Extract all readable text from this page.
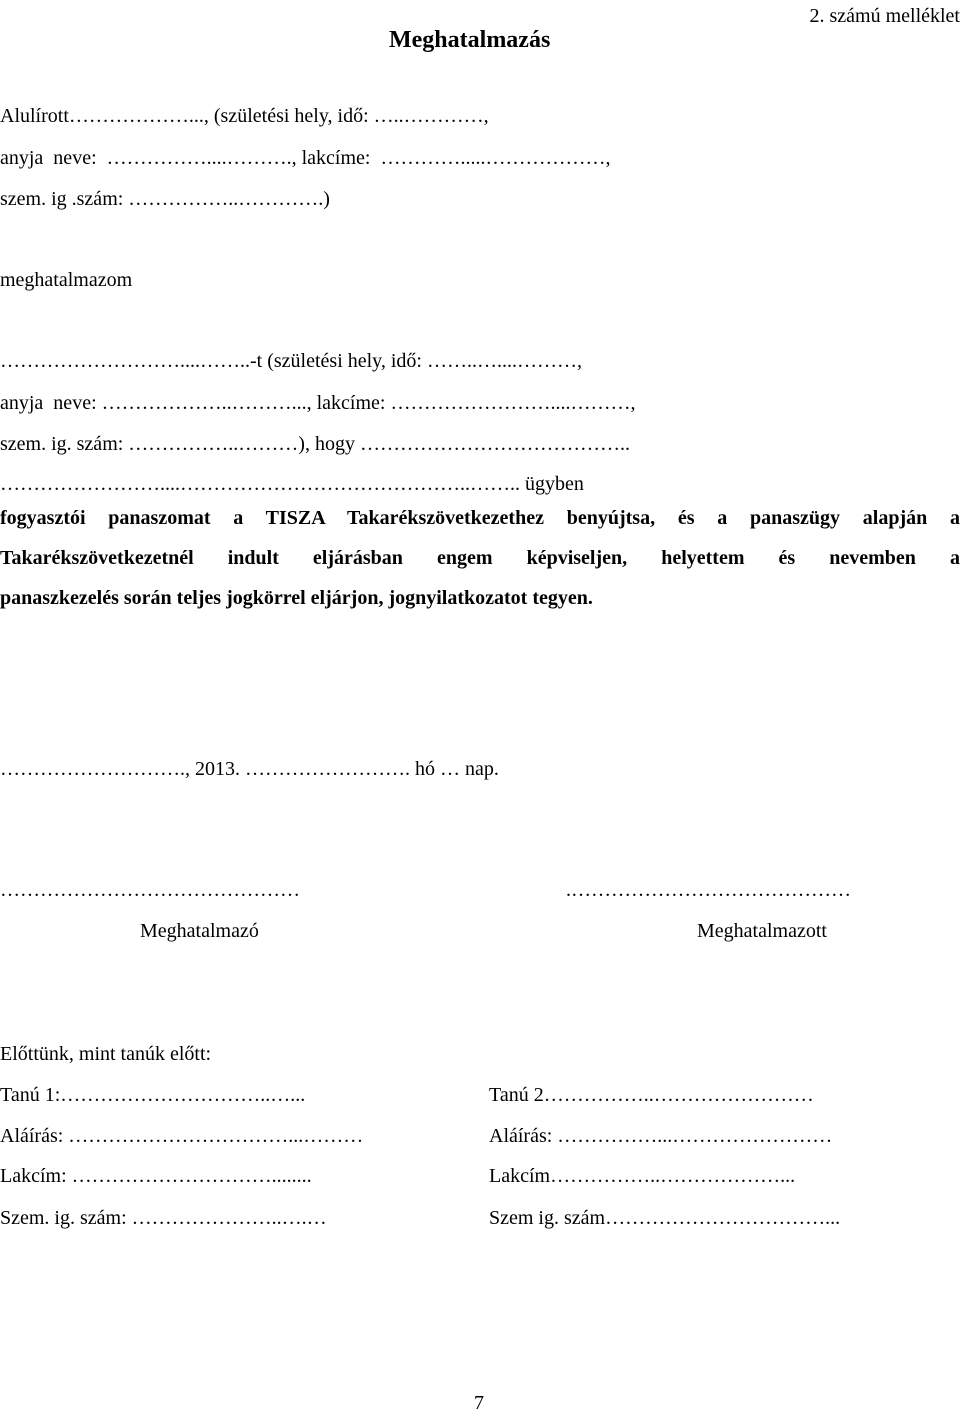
2. számú melléklet
Meghatalmazás
Alulírott………………..., (születési hely, idő: …..…………,
anyja  neve:  ……………....………., lakcíme:  ………….....………………,
szem. ig .szám: ……………..………….)
meghatalmazom
………………………....……..-t (születési hely, idő: ……..…....………,
anyja  neve: ………………..………..., lakcíme: ……………………....………,
szem. ig. szám: ……………..………), hogy …………………………………..
……………………....……………………………………..…….. ügyben
fogyasztói panaszomat a TISZA Takarékszövetkezethez benyújtsa, és a panaszügy alapján a
Takarékszövetkezetnél indult eljárásban engem képviseljen, helyettem és nevemben a
panaszkezelés során teljes jogkörrel eljárjon, jognyilatkozatot tegyen.
………………………., 2013. ……………………. hó … nap.
………………………………………	.……………………………………
Meghatalmazó	Meghatalmazott
Előttünk, mint tanúk előtt:
Tanú 1:…………………………..…...
Aláírás: ……………………………...………
Lakcím: …………………………........
Szem. ig. szám: …………………..….…
Tanú 2……………..……………………
Aláírás: ……………...……………………
Lakcím……………..………………...
Szem ig. szám……………………………...
7
